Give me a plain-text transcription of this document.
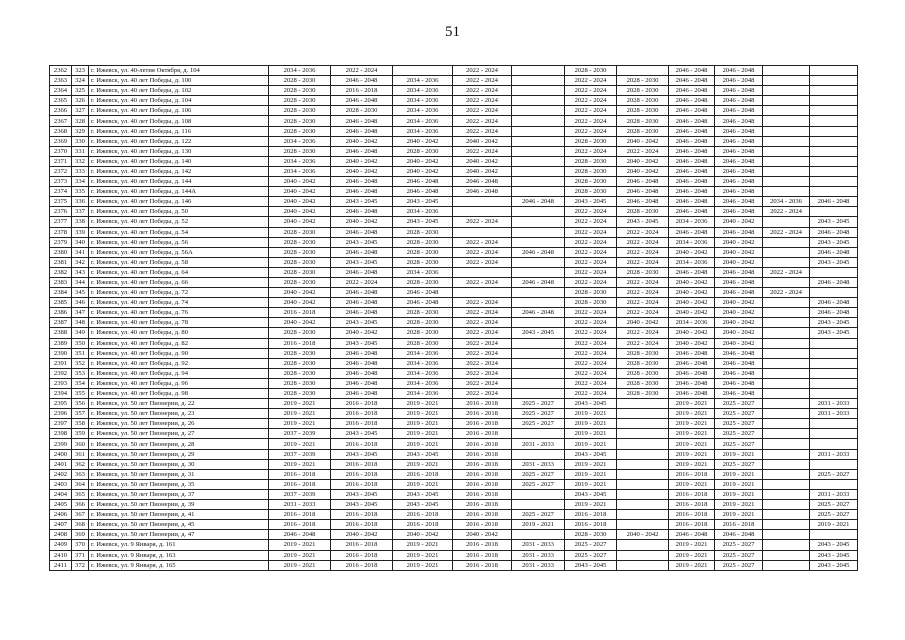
51
2362	323	г. Ижевск, ул. 40-летия Октября, д. 104	2034 - 2036	2022 - 2024		2022 - 2024		2028 - 2030		2046 - 2048	2046 - 2048		
2363	324	г. Ижевск, ул. 40 лет Победы, д. 100	2028 - 2030	2046 - 2048	2034 - 2036	2022 - 2024		2022 - 2024	2028 - 2030	2046 - 2048	2046 - 2048		
2364	325	г. Ижевск, ул. 40 лет Победы, д. 102	2028 - 2030	2016 - 2018	2034 - 2036	2022 - 2024		2022 - 2024	2028 - 2030	2046 - 2048	2046 - 2048		
2365	326	г. Ижевск, ул. 40 лет Победы, д. 104	2028 - 2030	2046 - 2048	2034 - 2036	2022 - 2024		2022 - 2024	2028 - 2030	2046 - 2048	2046 - 2048		
2366	327	г. Ижевск, ул. 40 лет Победы, д. 106	2028 - 2030	2028 - 2030	2034 - 2036	2022 - 2024		2022 - 2024	2028 - 2030	2046 - 2048	2046 - 2048		
2367	328	г. Ижевск, ул. 40 лет Победы, д. 108	2028 - 2030	2046 - 2048	2034 - 2036	2022 - 2024		2022 - 2024	2028 - 2030	2046 - 2048	2046 - 2048		
2368	329	г. Ижевск, ул. 40 лет Победы, д. 116	2028 - 2030	2046 - 2048	2034 - 2036	2022 - 2024		2022 - 2024	2028 - 2030	2046 - 2048	2046 - 2048		
2369	330	г. Ижевск, ул. 40 лет Победы, д. 122	2034 - 2036	2040 - 2042	2040 - 2042	2040 - 2042		2028 - 2030	2040 - 2042	2046 - 2048	2046 - 2048		
2370	331	г. Ижевск, ул. 40 лет Победы, д. 130	2028 - 2030	2046 - 2048	2028 - 2030	2022 - 2024		2022 - 2024	2022 - 2024	2046 - 2048	2046 - 2048		
2371	332	г. Ижевск, ул. 40 лет Победы, д. 140	2034 - 2036	2040 - 2042	2040 - 2042	2040 - 2042		2028 - 2030	2040 - 2042	2046 - 2048	2046 - 2048		
2372	333	г. Ижевск, ул. 40 лет Победы, д. 142	2034 - 2036	2040 - 2042	2040 - 2042	2040 - 2042		2028 - 2030	2040 - 2042	2046 - 2048	2046 - 2048		
2373	334	г. Ижевск, ул. 40 лет Победы, д. 144	2040 - 2042	2046 - 2048	2046 - 2048	2046 - 2048		2028 - 2030	2046 - 2048	2046 - 2048	2046 - 2048		
2374	335	г. Ижевск, ул. 40 лет Победы, д. 144А	2040 - 2042	2046 - 2048	2046 - 2048	2046 - 2048		2028 - 2030	2046 - 2048	2046 - 2048	2046 - 2048		
2375	336	г. Ижевск, ул. 40 лет Победы, д. 146	2040 - 2042	2043 - 2045	2043 - 2045		2046 - 2048	2043 - 2045	2046 - 2048	2046 - 2048	2046 - 2048	2034 - 2036	2046 - 2048
2376	337	г. Ижевск, ул. 40 лет Победы, д. 50	2040 - 2042	2046 - 2048	2034 - 2036			2022 - 2024	2028 - 2030	2046 - 2048	2046 - 2048	2022 - 2024	
2377	338	г. Ижевск, ул. 40 лет Победы, д. 52	2040 - 2042	2040 - 2042	2043 - 2045	2022 - 2024		2022 - 2024	2043 - 2045	2034 - 2036	2040 - 2042		2043 - 2045
2378	339	г. Ижевск, ул. 40 лет Победы, д. 54	2028 - 2030	2046 - 2048	2028 - 2030			2022 - 2024	2022 - 2024	2046 - 2048	2046 - 2048	2022 - 2024	2046 - 2048
2379	340	г. Ижевск, ул. 40 лет Победы, д. 56	2028 - 2030	2043 - 2045	2028 - 2030	2022 - 2024		2022 - 2024	2022 - 2024	2034 - 2036	2040 - 2042		2043 - 2045
2380	341	г. Ижевск, ул. 40 лет Победы, д. 56А	2028 - 2030	2046 - 2048	2028 - 2030	2022 - 2024	2046 - 2048	2022 - 2024	2022 - 2024	2040 - 2042	2040 - 2042		2046 - 2048
2381	342	г. Ижевск, ул. 40 лет Победы, д. 58	2028 - 2030	2043 - 2045	2028 - 2030	2022 - 2024		2022 - 2024	2022 - 2024	2034 - 2036	2040 - 2042		2043 - 2045
2382	343	г. Ижевск, ул. 40 лет Победы, д. 64	2028 - 2030	2046 - 2048	2034 - 2036			2022 - 2024	2028 - 2030	2046 - 2048	2046 - 2048	2022 - 2024	
2383	344	г. Ижевск, ул. 40 лет Победы, д. 66	2028 - 2030	2022 - 2024	2028 - 2030	2022 - 2024	2046 - 2048	2022 - 2024	2022 - 2024	2040 - 2042	2046 - 2048		2046 - 2048
2384	345	г. Ижевск, ул. 40 лет Победы, д. 72	2040 - 2042	2046 - 2048	2046 - 2048			2028 - 2030	2022 - 2024	2040 - 2042	2046 - 2048	2022 - 2024	
2385	346	г. Ижевск, ул. 40 лет Победы, д. 74	2040 - 2042	2046 - 2048	2046 - 2048	2022 - 2024		2028 - 2030	2022 - 2024	2040 - 2042	2040 - 2042		2046 - 2048
2386	347	г. Ижевск, ул. 40 лет Победы, д. 76	2016 - 2018	2046 - 2048	2028 - 2030	2022 - 2024	2046 - 2048	2022 - 2024	2022 - 2024	2040 - 2042	2040 - 2042		2046 - 2048
2387	348	г. Ижевск, ул. 40 лет Победы, д. 78	2040 - 2042	2043 - 2045	2028 - 2030	2022 - 2024		2022 - 2024	2040 - 2042	2034 - 2036	2040 - 2042		2043 - 2045
2388	349	г. Ижевск, ул. 40 лет Победы, д. 80	2028 - 2030	2040 - 2042	2028 - 2030	2022 - 2024	2043 - 2045	2022 - 2024	2022 - 2024	2040 - 2042	2040 - 2042		2043 - 2045
2389	350	г. Ижевск, ул. 40 лет Победы, д. 82	2016 - 2018	2043 - 2045	2028 - 2030	2022 - 2024		2022 - 2024	2022 - 2024	2040 - 2042	2040 - 2042		
2390	351	г. Ижевск, ул. 40 лет Победы, д. 90	2028 - 2030	2046 - 2048	2034 - 2036	2022 - 2024		2022 - 2024	2028 - 2030	2046 - 2048	2046 - 2048		
2391	352	г. Ижевск, ул. 40 лет Победы, д. 92	2028 - 2030	2046 - 2048	2034 - 2036	2022 - 2024		2022 - 2024	2028 - 2030	2046 - 2048	2046 - 2048		
2392	353	г. Ижевск, ул. 40 лет Победы, д. 94	2028 - 2030	2046 - 2048	2034 - 2036	2022 - 2024		2022 - 2024	2028 - 2030	2046 - 2048	2046 - 2048		
2393	354	г. Ижевск, ул. 40 лет Победы, д. 96	2028 - 2030	2046 - 2048	2034 - 2036	2022 - 2024		2022 - 2024	2028 - 2030	2046 - 2048	2046 - 2048		
2394	355	г. Ижевск, ул. 40 лет Победы, д. 98	2028 - 2030	2046 - 2048	2034 - 2036	2022 - 2024		2022 - 2024	2028 - 2030	2046 - 2048	2046 - 2048		
2395	356	г. Ижевск, ул. 50 лет Пионерии, д. 22	2019 - 2021	2016 - 2018	2019 - 2021	2016 - 2018	2025 - 2027	2043 - 2045		2019 - 2021	2025 - 2027		2031 - 2033
2396	357	г. Ижевск, ул. 50 лет Пионерии, д. 23	2019 - 2021	2016 - 2018	2019 - 2021	2016 - 2018	2025 - 2027	2019 - 2021		2019 - 2021	2025 - 2027		2031 - 2033
2397	358	г. Ижевск, ул. 50 лет Пионерии, д. 26	2019 - 2021	2016 - 2018	2019 - 2021	2016 - 2018	2025 - 2027	2019 - 2021		2019 - 2021	2025 - 2027		
2398	359	г. Ижевск, ул. 50 лет Пионерии, д. 27	2037 - 2039	2043 - 2045	2019 - 2021	2016 - 2018		2019 - 2021		2019 - 2021	2025 - 2027		
2399	360	г. Ижевск, ул. 50 лет Пионерии, д. 28	2019 - 2021	2016 - 2018	2019 - 2021	2016 - 2018	2031 - 2033	2019 - 2021		2019 - 2021	2025 - 2027		
2400	361	г. Ижевск, ул. 50 лет Пионерии, д. 29	2037 - 2039	2043 - 2045	2043 - 2045	2016 - 2018		2043 - 2045		2019 - 2021	2019 - 2021		2031 - 2033
2401	362	г. Ижевск, ул. 50 лет Пионерии, д. 30	2019 - 2021	2016 - 2018	2019 - 2021	2016 - 2018	2031 - 2033	2019 - 2021		2019 - 2021	2025 - 2027		
2402	363	г. Ижевск, ул. 50 лет Пионерии, д. 31	2016 - 2018	2016 - 2018	2016 - 2018	2016 - 2018	2025 - 2027	2019 - 2021		2016 - 2018	2019 - 2021		2025 - 2027
2403	364	г. Ижевск, ул. 50 лет Пионерии, д. 35	2016 - 2018	2016 - 2018	2019 - 2021	2016 - 2018	2025 - 2027	2019 - 2021		2019 - 2021	2019 - 2021		
2404	365	г. Ижевск, ул. 50 лет Пионерии, д. 37	2037 - 2039	2043 - 2045	2043 - 2045	2016 - 2018		2043 - 2045		2016 - 2018	2019 - 2021		2031 - 2033
2405	366	г. Ижевск, ул. 50 лет Пионерии, д. 39	2031 - 2033	2043 - 2045	2043 - 2045	2016 - 2018		2019 - 2021		2016 - 2018	2019 - 2021		2025 - 2027
2406	367	г. Ижевск, ул. 50 лет Пионерии, д. 41	2016 - 2018	2016 - 2018	2016 - 2018	2016 - 2018	2025 - 2027	2016 - 2018		2016 - 2018	2019 - 2021		2025 - 2027
2407	368	г. Ижевск, ул. 50 лет Пионерии, д. 45	2016 - 2018	2016 - 2018	2016 - 2018	2016 - 2018	2019 - 2021	2016 - 2018		2016 - 2018	2016 - 2018		2019 - 2021
2408	369	г. Ижевск, ул. 50 лет Пионерии, д. 47	2046 - 2048	2040 - 2042	2040 - 2042	2040 - 2042		2028 - 2030	2040 - 2042	2046 - 2048	2046 - 2048		
2409	370	г. Ижевск, ул. 9 Января, д. 161	2019 - 2021	2016 - 2018	2019 - 2021	2016 - 2018	2031 - 2033	2025 - 2027		2019 - 2021	2025 - 2027		2043 - 2045
2410	371	г. Ижевск, ул. 9 Января, д. 163	2019 - 2021	2016 - 2018	2019 - 2021	2016 - 2018	2031 - 2033	2025 - 2027		2019 - 2021	2025 - 2027		2043 - 2045
2411	372	г. Ижевск, ул. 9 Января, д. 165	2019 - 2021	2016 - 2018	2019 - 2021	2016 - 2018	2031 - 2033	2043 - 2045		2019 - 2021	2025 - 2027		2043 - 2045
